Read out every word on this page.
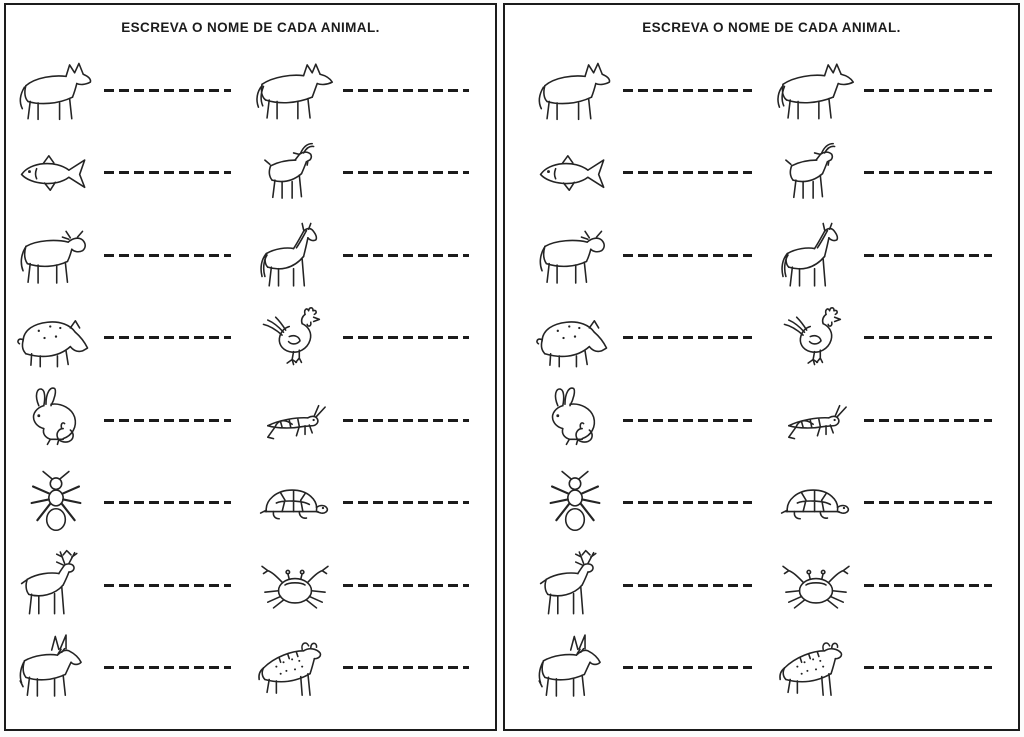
ESCREVA O NOME DE CADA ANIMAL.	ESCREVA O NOME DE CADA ANIMAL.
